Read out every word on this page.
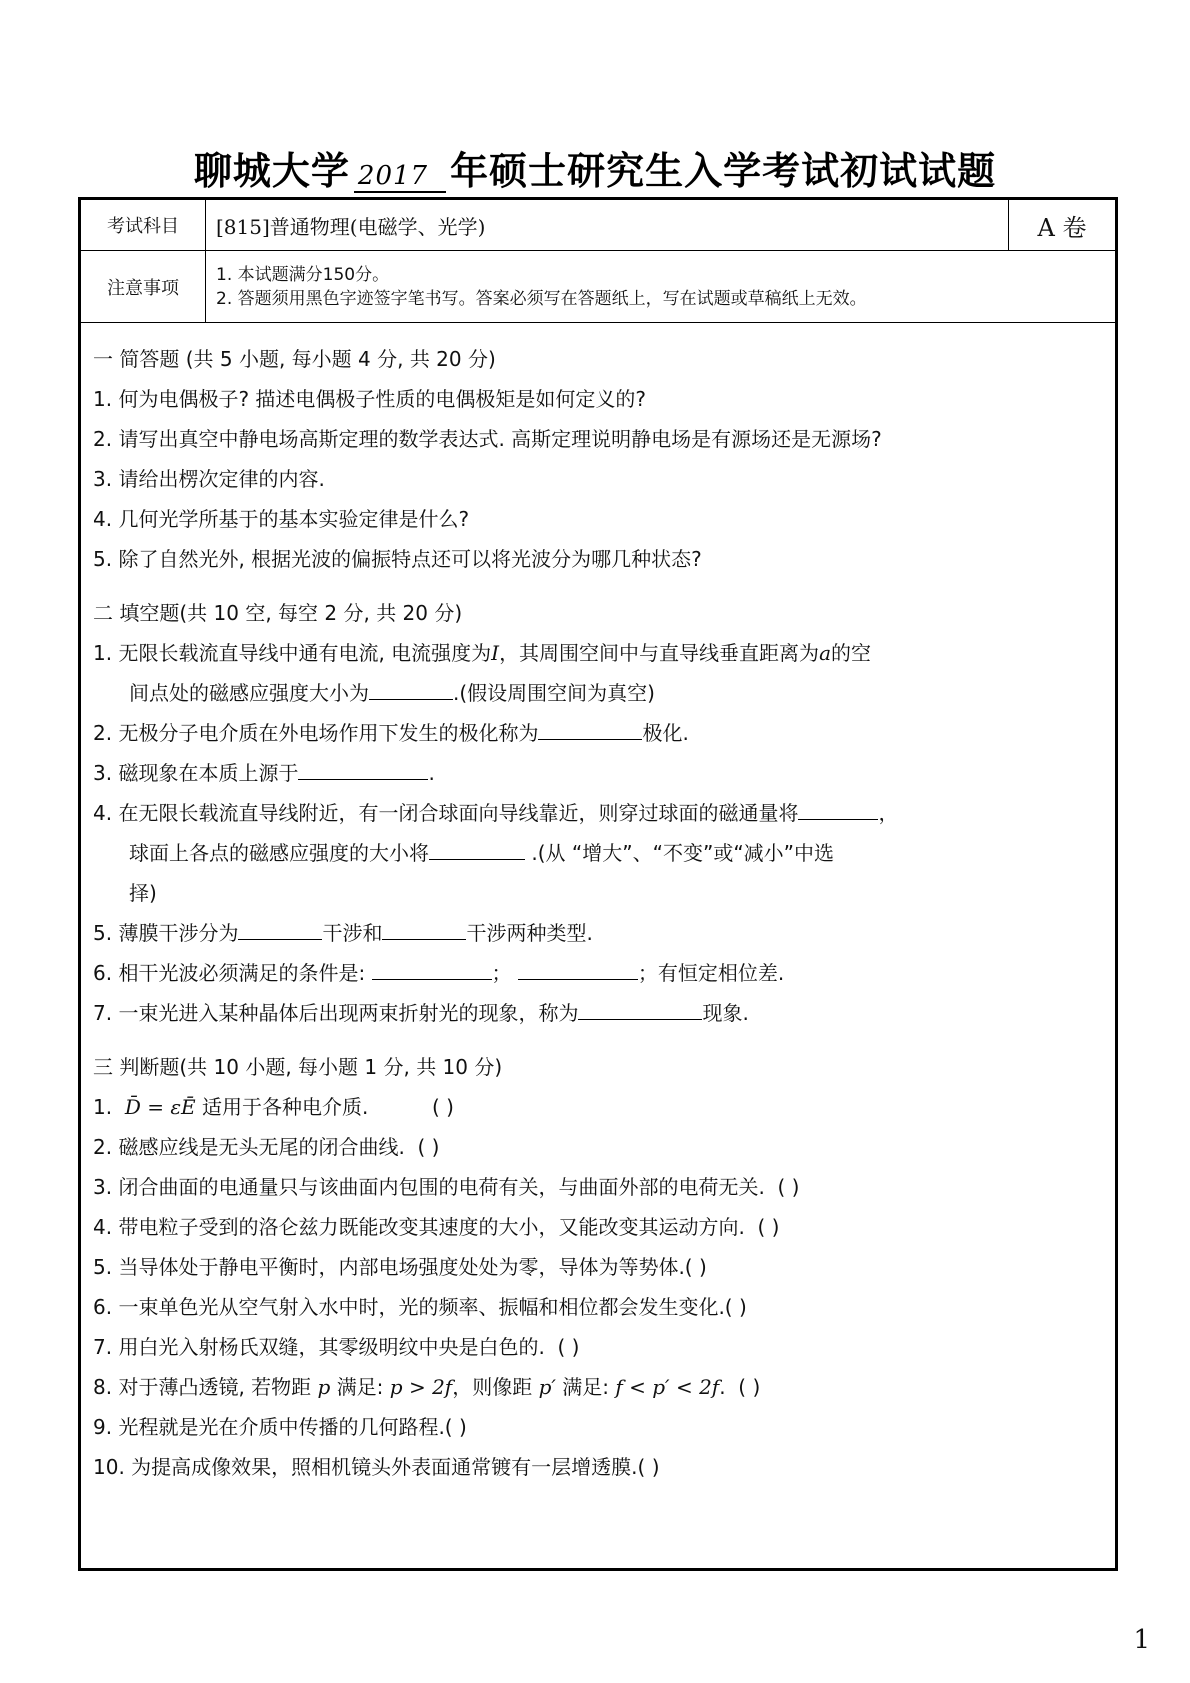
聊城大学 2017 年硕士研究生入学考试初试试题
考试科目	[815]普通物理(电磁学、光学)	A 卷
注意事项	1. 本试题满分150分。
2. 答题须用黑色字迹签字笔书写。答案必须写在答题纸上，写在试题或草稿纸上无效。	
一 简答题 (共 5 小题, 每小题 4 分, 共 20 分)
1. 何为电偶极子? 描述电偶极子性质的电偶极矩是如何定义的?
2. 请写出真空中静电场高斯定理的数学表达式. 高斯定理说明静电场是有源场还是无源场?
3. 请给出楞次定律的内容.
4. 几何光学所基于的基本实验定律是什么?
5. 除了自然光外, 根据光波的偏振特点还可以将光波分为哪几种状态?
二 填空题(共 10 空, 每空 2 分, 共 20 分)
1. 无限长载流直导线中通有电流, 电流强度为I，其周围空间中与直导线垂直距离为a的空
间点处的磁感应强度大小为	.(假设周围空间为真空)
2. 无极分子电介质在外电场作用下发生的极化称为	极化.
3. 磁现象在本质上源于	.
4. 在无限长载流直导线附近，有一闭合球面向导线靠近，则穿过球面的磁通量将	，
球面上各点的磁感应强度的大小将	.(从 “增大”、“不变”或“减小”中选
择)
5. 薄膜干涉分为	干涉和	干涉两种类型.
6. 相干光波必须满足的条件是:	；	；有恒定相位差.
7. 一束光进入某种晶体后出现两束折射光的现象，称为	现象.
三 判断题(共 10 小题, 每小题 1 分, 共 10 分)
1. D̄ = εĒ 适用于各种电介质.	( )
2. 磁感应线是无头无尾的闭合曲线. ( )
3. 闭合曲面的电通量只与该曲面内包围的电荷有关，与曲面外部的电荷无关. ( )
4. 带电粒子受到的洛仑兹力既能改变其速度的大小，又能改变其运动方向. ( )
5. 当导体处于静电平衡时，内部电场强度处处为零，导体为等势体.( )
6. 一束单色光从空气射入水中时，光的频率、振幅和相位都会发生变化.( )
7. 用白光入射杨氏双缝，其零级明纹中央是白色的. ( )
8. 对于薄凸透镜, 若物距 p 满足: p > 2f，则像距 p′ 满足: f < p′ < 2f. ( )
9. 光程就是光在介质中传播的几何路程.( )
10. 为提高成像效果，照相机镜头外表面通常镀有一层增透膜.( )
1
